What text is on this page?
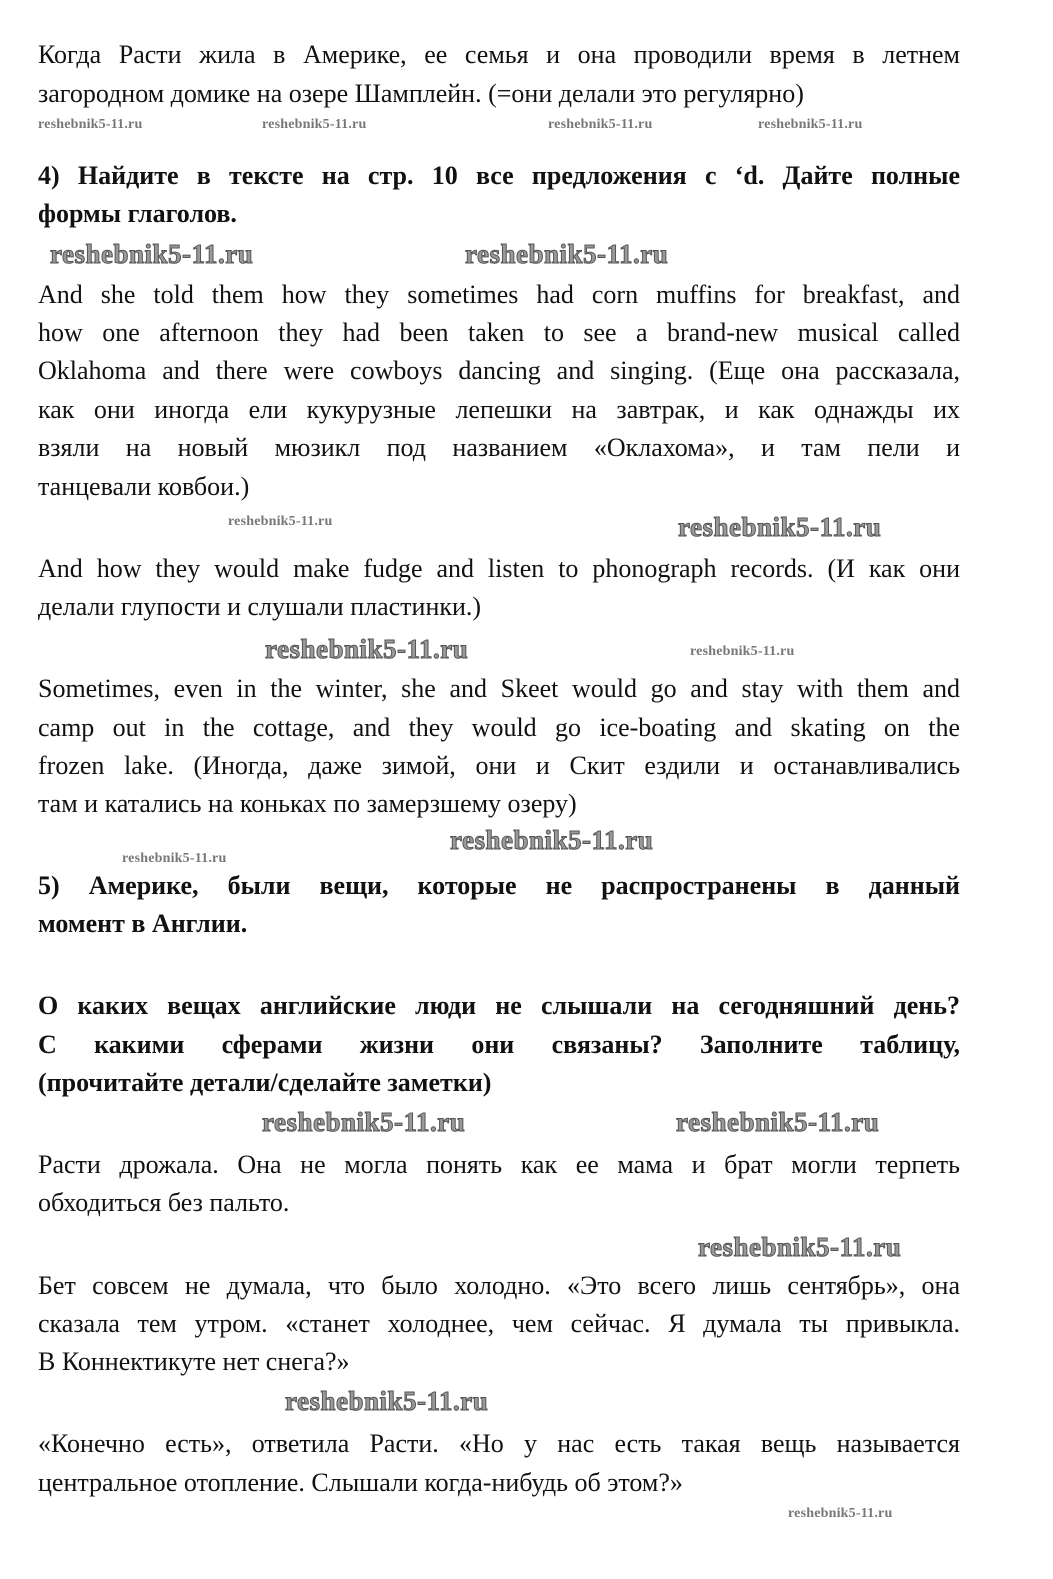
Когда Расти жила в Америке, ее семья и она проводили время в летнем
загородном домике на озере Шамплейн. (=они делали это регулярно)
4) Найдите в тексте на стр. 10 все предложения с ‘d. Дайте полные
формы глаголов.
And she told them how they sometimes had corn muffins for breakfast, and
how one afternoon they had been taken to see a brand-new musical called
Oklahoma and there were cowboys dancing and singing. (Еще она рассказала,
как они иногда ели кукурузные лепешки на завтрак, и как однажды их
взяли на новый мюзикл под названием «Оклахома», и там пели и
танцевали ковбои.)
And how they would make fudge and listen to phonograph records. (И как они
делали глупости и слушали пластинки.)
Sometimes, even in the winter, she and Skeet would go and stay with them and
camp out in the cottage, and they would go ice-boating and skating on the
frozen lake. (Иногда, даже зимой, они и Скит ездили и останавливались
там и катались на коньках по замерзшему озеру)
5) Америке, были вещи, которые не распространены в данный
момент в Англии.
О каких вещах английские люди не слышали на сегодняшний день?
С какими сферами жизни они связаны? Заполните таблицу,
(прочитайте детали/сделайте заметки)
Расти дрожала. Она не могла понять как ее мама и брат могли терпеть
обходиться без пальто.
Бет совсем не думала, что было холодно. «Это всего лишь сентябрь», она
сказала тем утром. «станет холоднее, чем сейчас. Я думала ты привыкла.
В Коннектикуте нет снега?»
«Конечно есть», ответила Расти. «Но у нас есть такая вещь называется
центральное отопление. Слышали когда-нибудь об этом?»
reshebnik5-11.ru	reshebnik5-11.ru	reshebnik5-11.ru	reshebnik5-11.ru
reshebnik5-11.ru
reshebnik5-11.ru
reshebnik5-11.ru
reshebnik5-11.ru
reshebnik5-11.ru	reshebnik5-11.ru
reshebnik5-11.ru
reshebnik5-11.ru
reshebnik5-11.ru
reshebnik5-11.ru
reshebnik5-11.ru
reshebnik5-11.ru
reshebnik5-11.ru
